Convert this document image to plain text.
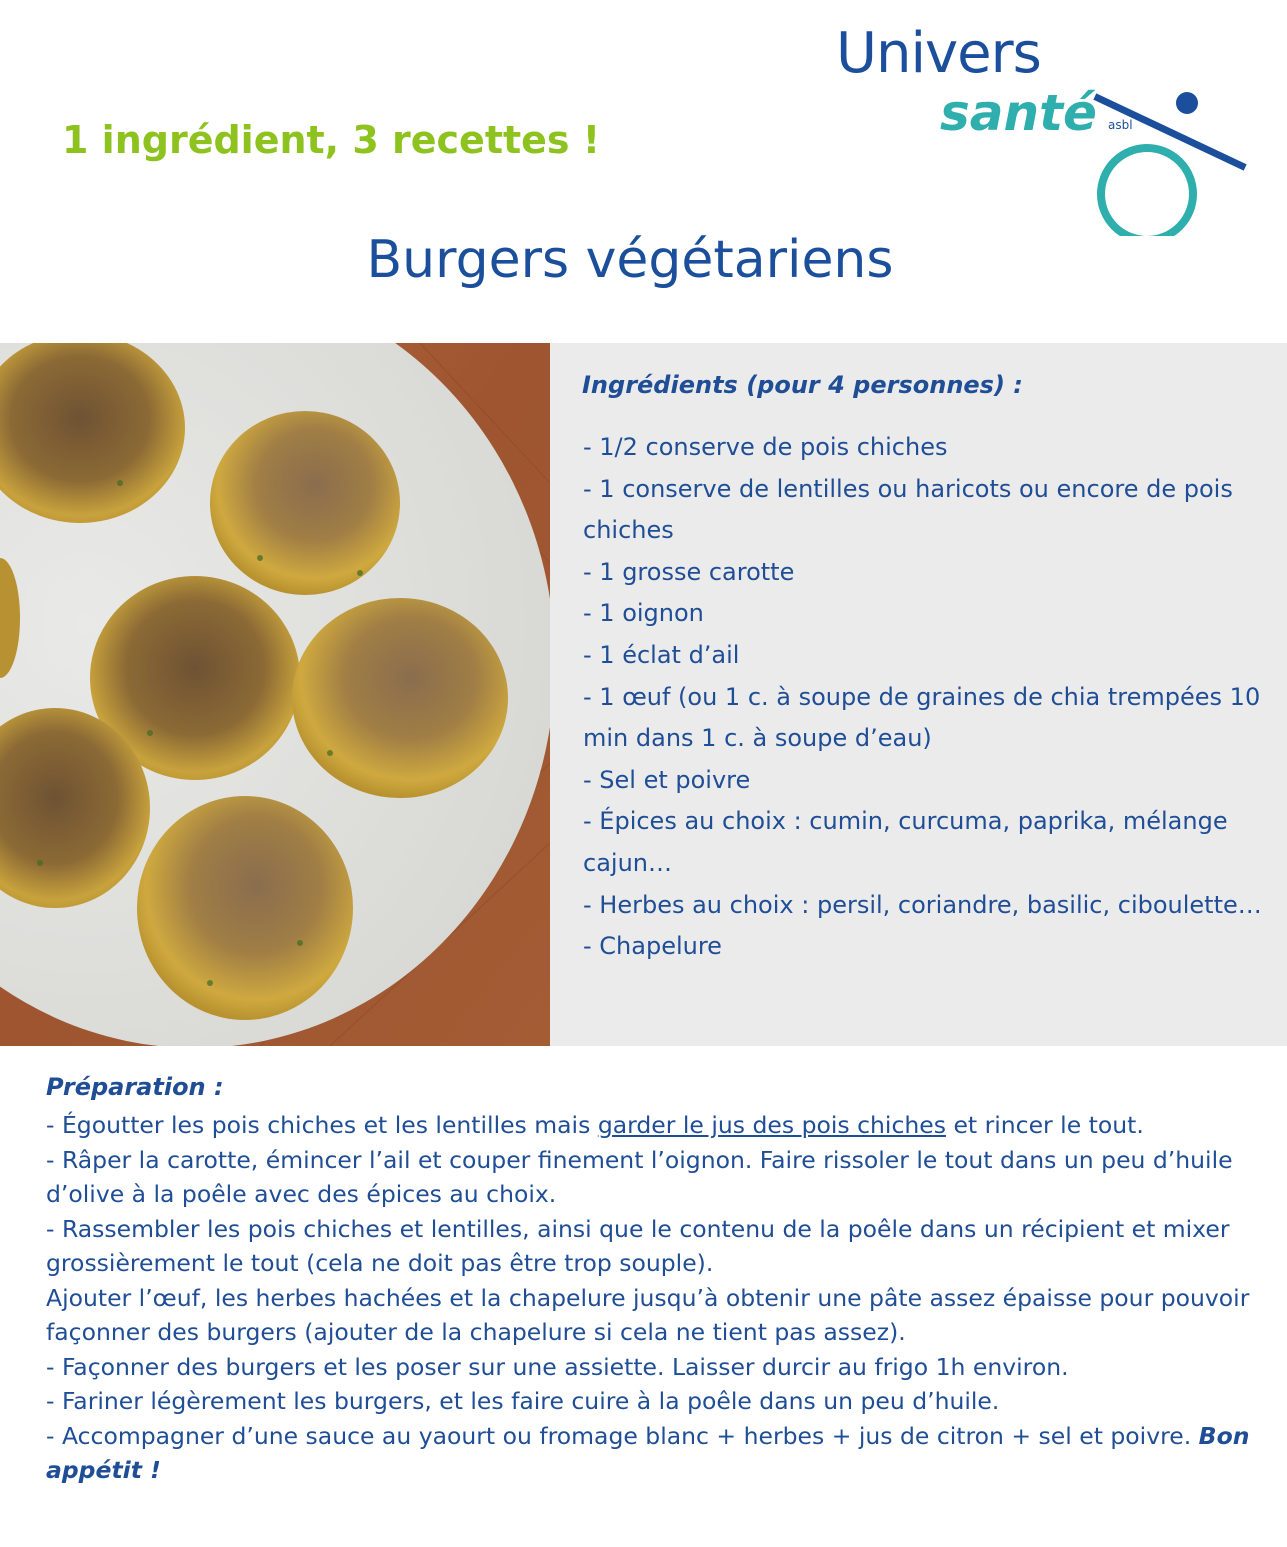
1 ingrédient, 3 recettes !
Univers
santé asbl
Burgers végétariens
Ingrédients (pour 4 personnes) :
- 1/2 conserve de pois chiches
- 1 conserve de lentilles ou haricots ou encore de pois chiches
- 1 grosse carotte
- 1 oignon
- 1 éclat d’ail
- 1 œuf (ou 1 c. à soupe de graines de chia trempées 10 min dans 1 c. à soupe d’eau)
- Sel et poivre
- Épices au choix : cumin, curcuma, paprika, mélange cajun…
- Herbes au choix : persil, coriandre, basilic, ciboulette…
- Chapelure
Préparation :

- Égoutter les pois chiches et les lentilles mais garder le jus des pois chiches et rincer le tout.

- Râper la carotte, émincer l’ail et couper finement l’oignon. Faire rissoler le tout dans un peu d’huile d’olive à la poêle avec des épices au choix.

- Rassembler les pois chiches et lentilles, ainsi que le contenu de la poêle dans un récipient et mixer grossièrement le tout (cela ne doit pas être trop souple).

Ajouter l’œuf, les herbes hachées et la chapelure jusqu’à obtenir une pâte assez épaisse pour pouvoir façonner des burgers (ajouter de la chapelure si cela ne tient pas assez).

- Façonner des burgers et les poser sur une assiette. Laisser durcir au frigo 1h environ.

- Fariner légèrement les burgers, et les faire cuire à la poêle dans un peu d’huile.

- Accompagner d’une sauce au yaourt ou fromage blanc + herbes + jus de citron + sel et poivre. Bon appétit !
